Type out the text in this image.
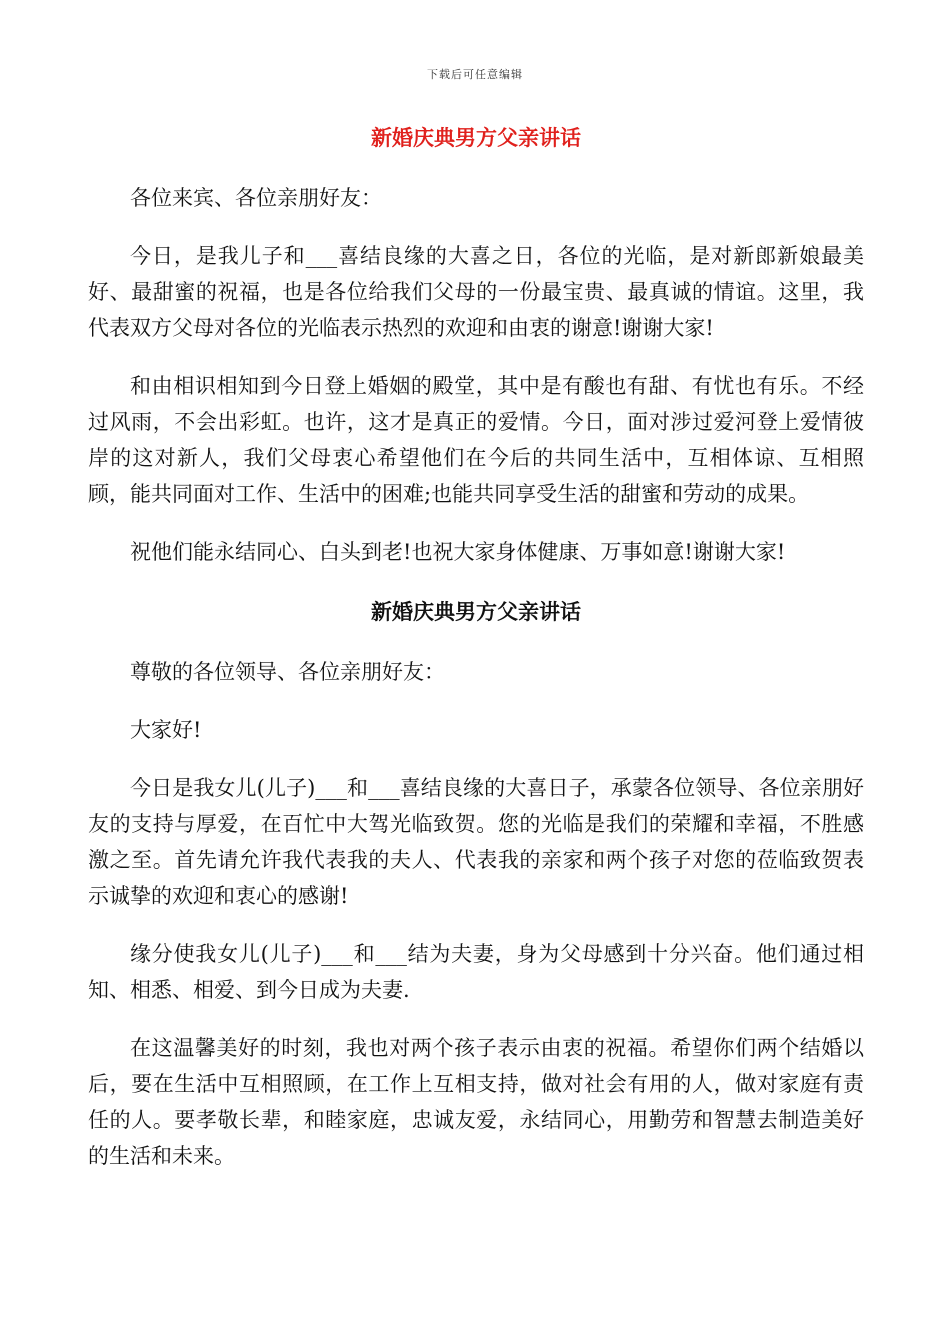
下载后可任意编辑
新婚庆典男方父亲讲话

各位来宾、各位亲朋好友：

今日，是我儿子和___喜结良缘的大喜之日，各位的光临，是对新郎新娘最美好、最甜蜜的祝福，也是各位给我们父母的一份最宝贵、最真诚的情谊。这里，我代表双方父母对各位的光临表示热烈的欢迎和由衷的谢意!谢谢大家!

和由相识相知到今日登上婚姻的殿堂，其中是有酸也有甜、有忧也有乐。不经过风雨，不会出彩虹。也许，这才是真正的爱情。今日，面对涉过爱河登上爱情彼岸的这对新人，我们父母衷心希望他们在今后的共同生活中，互相体谅、互相照顾，能共同面对工作、生活中的困难;也能共同享受生活的甜蜜和劳动的成果。

祝他们能永结同心、白头到老!也祝大家身体健康、万事如意!谢谢大家!

新婚庆典男方父亲讲话

尊敬的各位领导、各位亲朋好友：

大家好!

今日是我女儿(儿子)___和___喜结良缘的大喜日子，承蒙各位领导、各位亲朋好友的支持与厚爱，在百忙中大驾光临致贺。您的光临是我们的荣耀和幸福，不胜感激之至。首先请允许我代表我的夫人、代表我的亲家和两个孩子对您的莅临致贺表示诚挚的欢迎和衷心的感谢!

缘分使我女儿(儿子)___和___结为夫妻，身为父母感到十分兴奋。他们通过相知、相悉、相爱、到今日成为夫妻.

在这温馨美好的时刻，我也对两个孩子表示由衷的祝福。希望你们两个结婚以后，要在生活中互相照顾，在工作上互相支持，做对社会有用的人，做对家庭有责任的人。要孝敬长辈，和睦家庭，忠诚友爱，永结同心，用勤劳和智慧去制造美好的生活和未来。
